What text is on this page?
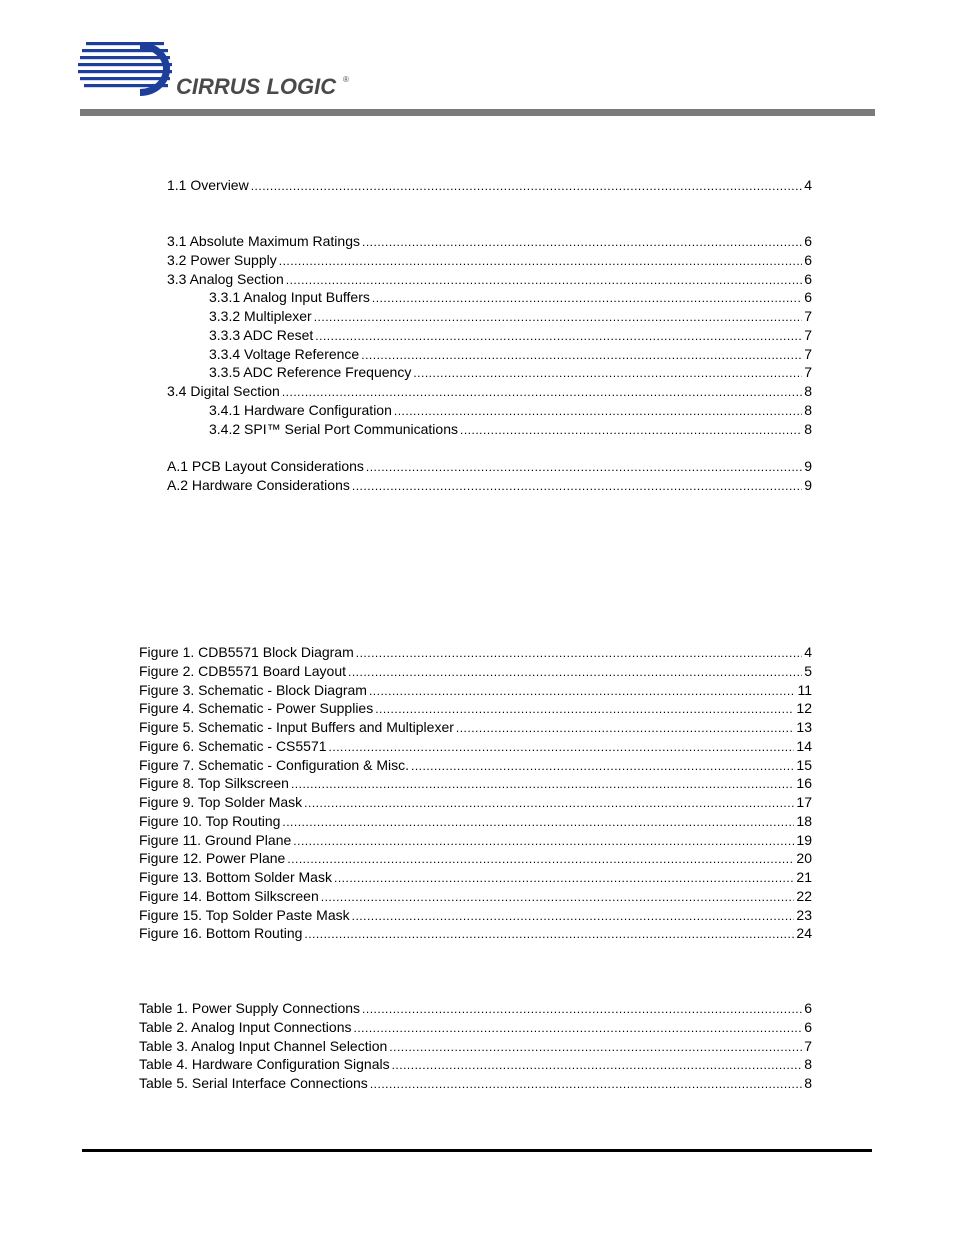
CIRRUS LOGIC ®
1.1 Overview .....	4
3.1 Absolute Maximum Ratings .....	6
3.2 Power Supply .....	6
3.3 Analog Section .....	6
3.3.1 Analog Input Buffers .....	6
3.3.2 Multiplexer .....	7
3.3.3 ADC Reset .....	7
3.3.4 Voltage Reference .....	7
3.3.5 ADC Reference Frequency .....	7
3.4 Digital Section .....	8
3.4.1 Hardware Configuration .....	8
3.4.2 SPI™ Serial Port Communications .....	8
A.1 PCB Layout Considerations .....	9
A.2 Hardware Considerations .....	9
Figure 1. CDB5571 Block Diagram .....	4
Figure 2. CDB5571 Board Layout .....	5
Figure 3. Schematic - Block Diagram .....	11
Figure 4. Schematic - Power Supplies .....	12
Figure 5. Schematic - Input Buffers and Multiplexer .....	13
Figure 6. Schematic - CS5571 .....	14
Figure 7. Schematic - Configuration & Misc. .....	15
Figure 8. Top Silkscreen .....	16
Figure 9. Top Solder Mask .....	17
Figure 10. Top Routing .....	18
Figure 11. Ground Plane .....	19
Figure 12. Power Plane .....	20
Figure 13. Bottom Solder Mask .....	21
Figure 14. Bottom Silkscreen .....	22
Figure 15. Top Solder Paste Mask .....	23
Figure 16. Bottom Routing .....	24
Table 1. Power Supply Connections .....	6
Table 2. Analog Input Connections .....	6
Table 3. Analog Input Channel Selection .....	7
Table 4. Hardware Configuration Signals .....	8
Table 5. Serial Interface Connections .....	8
